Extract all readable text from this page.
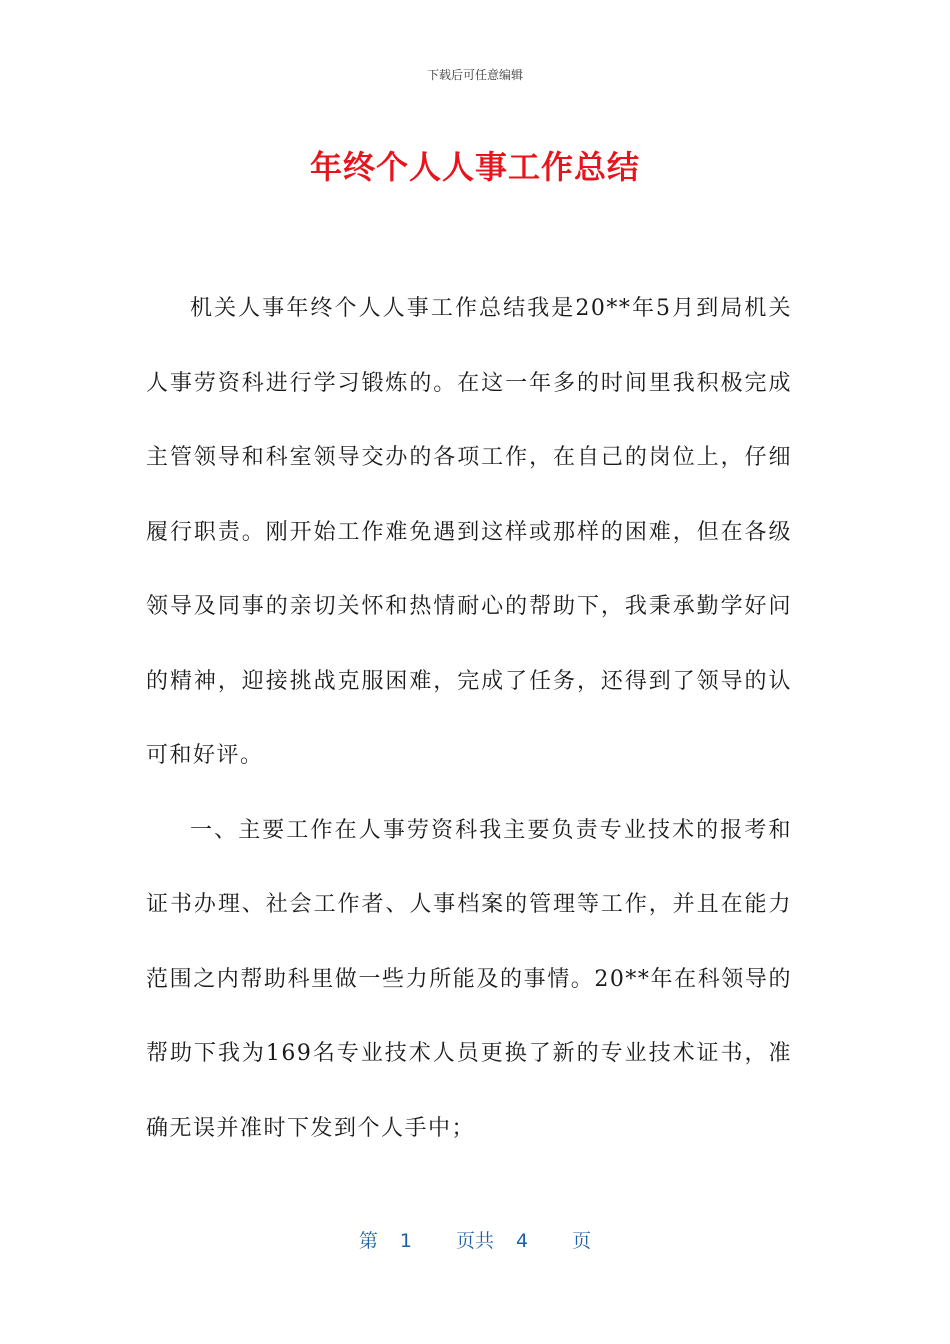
下载后可任意编辑
年终个人人事工作总结

机关人事年终个人人事工作总结我是20**年5月到局机关人事劳资科进行学习锻炼的。在这一年多的时间里我积极完成主管领导和科室领导交办的各项工作，在自己的岗位上，仔细履行职责。刚开始工作难免遇到这样或那样的困难，但在各级领导及同事的亲切关怀和热情耐心的帮助下，我秉承勤学好问的精神，迎接挑战克服困难，完成了任务，还得到了领导的认可和好评。

一、主要工作在人事劳资科我主要负责专业技术的报考和证书办理、社会工作者、人事档案的管理等工作，并且在能力范围之内帮助科里做一些力所能及的事情。20**年在科领导的帮助下我为169名专业技术人员更换了新的专业技术证书，准确无误并准时下发到个人手中；

第 1 页共 4 页
